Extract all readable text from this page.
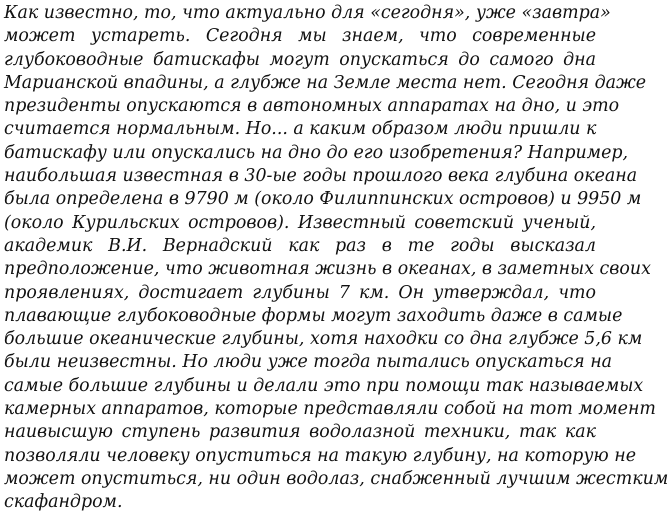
Как известно, то, что актуально для «сегодня», уже «завтра»
может устареть. Сегодня мы знаем, что современные
глубоководные батискафы могут опускаться до самого дна
Марианской впадины, а глубже на Земле места нет. Сегодня даже
президенты опускаются в автономных аппаратах на дно, и это
считается нормальным. Но... а каким образом люди пришли к
батискафу или опускались на дно до его изобретения? Например,
наибольшая известная в 30-ые годы прошлого века глубина океана
была определена в 9790 м (около Филиппинских островов) и 9950 м
(около Курильских островов). Известный советский ученый,
академик В.И. Вернадский как раз в те годы высказал
предположение, что животная жизнь в океанах, в заметных своих
проявлениях, достигает глубины 7 км. Он утверждал, что
плавающие глубоководные формы могут заходить даже в самые
большие океанические глубины, хотя находки со дна глубже 5,6 км
были неизвестны. Но люди уже тогда пытались опускаться на
самые большие глубины и делали это при помощи так называемых
камерных аппаратов, которые представляли собой на тот момент
наивысшую ступень развития водолазной техники, так как
позволяли человеку опуститься на такую глубину, на которую не
может опуститься, ни один водолаз, снабженный лучшим жестким
скафандром.
